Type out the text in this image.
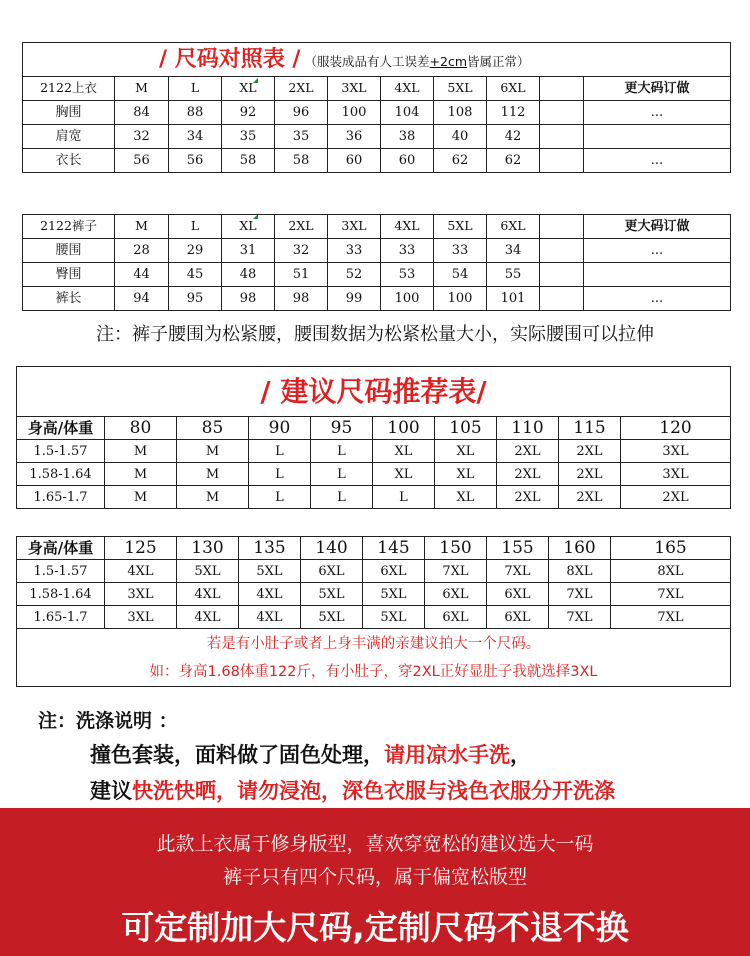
/ 尺码对照表 / （服装成品有人工误差+2cm皆属正常）										
2122上衣	M	L	XL	2XL	3XL	4XL	5XL	6XL		更大码订做
胸围	84	88	92	96	100	104	108	112		...
肩宽	32	34	35	35	36	38	40	42		
衣长	56	56	58	58	60	60	62	62		...
2122裤子	M	L	XL	2XL	3XL	4XL	5XL	6XL		更大码订做
腰围	28	29	31	32	33	33	33	34		...
臀围	44	45	48	51	52	53	54	55		
裤长	94	95	98	98	99	100	100	101		...
注：裤子腰围为松紧腰，腰围数据为松紧松量大小，实际腰围可以拉伸
/ 建议尺码推荐表/									
身高/体重	80	85	90	95	100	105	110	115	120
1.5-1.57	M	M	L	L	XL	XL	2XL	2XL	3XL
1.58-1.64	M	M	L	L	XL	XL	2XL	2XL	3XL
1.65-1.7	M	M	L	L	L	XL	2XL	2XL	2XL
身高/体重	125	130	135	140	145	150	155	160	165
1.5-1.57	4XL	5XL	5XL	6XL	6XL	7XL	7XL	8XL	8XL
1.58-1.64	3XL	4XL	4XL	5XL	5XL	6XL	6XL	7XL	7XL
1.65-1.7	3XL	4XL	4XL	5XL	5XL	6XL	6XL	7XL	7XL

若是有小肚子或者上身丰满的亲建议拍大一个尺码。
如：身高1.68体重122斤，有小肚子，穿2XL正好显肚子我就选择3XL									
注：洗涤说明 ：
撞色套装，面料做了固色处理，请用凉水手洗，
建议快洗快晒，请勿浸泡，深色衣服与浅色衣服分开洗涤
此款上衣属于修身版型，喜欢穿宽松的建议选大一码
裤子只有四个尺码，属于偏宽松版型
可定制加大尺码,定制尺码不退不换
